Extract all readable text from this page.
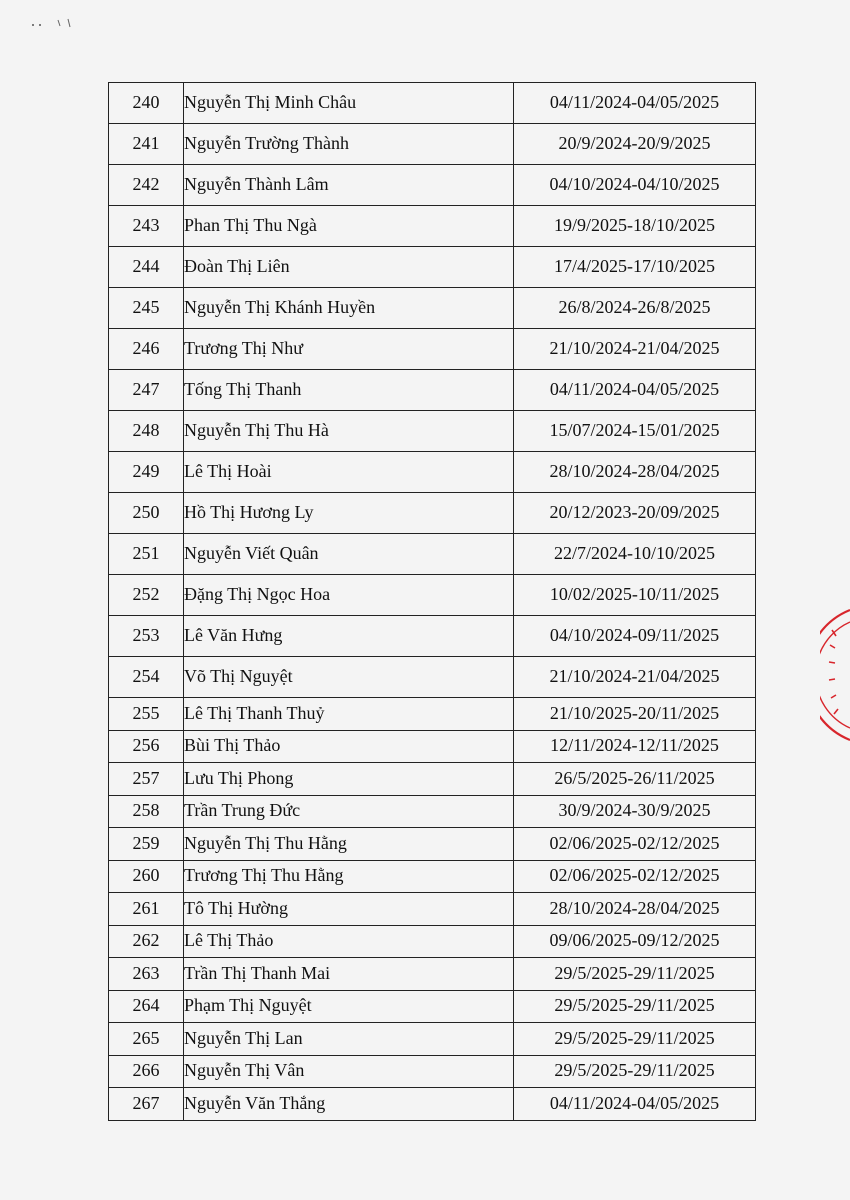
240	Nguyễn Thị Minh Châu	04/11/2024-04/05/2025
241	Nguyễn Trường Thành	20/9/2024-20/9/2025
242	Nguyễn Thành Lâm	04/10/2024-04/10/2025
243	Phan Thị Thu Ngà	19/9/2025-18/10/2025
244	Đoàn Thị Liên	17/4/2025-17/10/2025
245	Nguyễn Thị Khánh Huyền	26/8/2024-26/8/2025
246	Trương Thị Như	21/10/2024-21/04/2025
247	Tống Thị Thanh	04/11/2024-04/05/2025
248	Nguyễn Thị Thu Hà	15/07/2024-15/01/2025
249	Lê Thị Hoài	28/10/2024-28/04/2025
250	Hồ Thị Hương Ly	20/12/2023-20/09/2025
251	Nguyễn Viết Quân	22/7/2024-10/10/2025
252	Đặng Thị Ngọc Hoa	10/02/2025-10/11/2025
253	Lê Văn Hưng	04/10/2024-09/11/2025
254	Võ Thị Nguyệt	21/10/2024-21/04/2025
255	Lê Thị Thanh Thuỷ	21/10/2025-20/11/2025
256	Bùi Thị Thảo	12/11/2024-12/11/2025
257	Lưu Thị Phong	26/5/2025-26/11/2025
258	Trần Trung Đức	30/9/2024-30/9/2025
259	Nguyễn Thị Thu Hằng	02/06/2025-02/12/2025
260	Trương Thị Thu Hằng	02/06/2025-02/12/2025
261	Tô Thị Hường	28/10/2024-28/04/2025
262	Lê Thị Thảo	09/06/2025-09/12/2025
263	Trần Thị Thanh Mai	29/5/2025-29/11/2025
264	Phạm Thị Nguyệt	29/5/2025-29/11/2025
265	Nguyễn Thị Lan	29/5/2025-29/11/2025
266	Nguyễn Thị Vân	29/5/2025-29/11/2025
267	Nguyễn Văn Thắng	04/11/2024-04/05/2025
